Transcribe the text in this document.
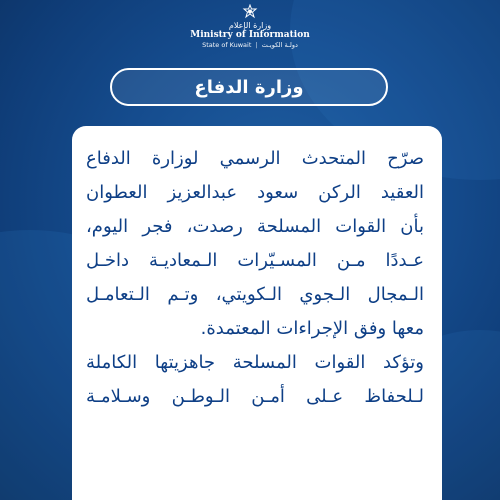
وزارة الإعلام
Ministry of Information
State of Kuwait | دولـة الكويـت
وزارة الدفاع
صرّح المتحدث الرسمي لوزارة الدفاع
العقيد الركن سعود عبدالعزيز العطوان
بأن القوات المسلحة رصدت، فجر اليوم،
عـددًا مـن المسـيّرات الـمعاديـة داخـل
الـمجال الـجوي الـكويتي، وتـم الـتعامـل
معها وفق الإجراءات المعتمدة.
وتؤكد القوات المسلحة جاهزيتها الكاملة
لـلحفاظ عـلى أمـن الـوطـن وسـلامـة
